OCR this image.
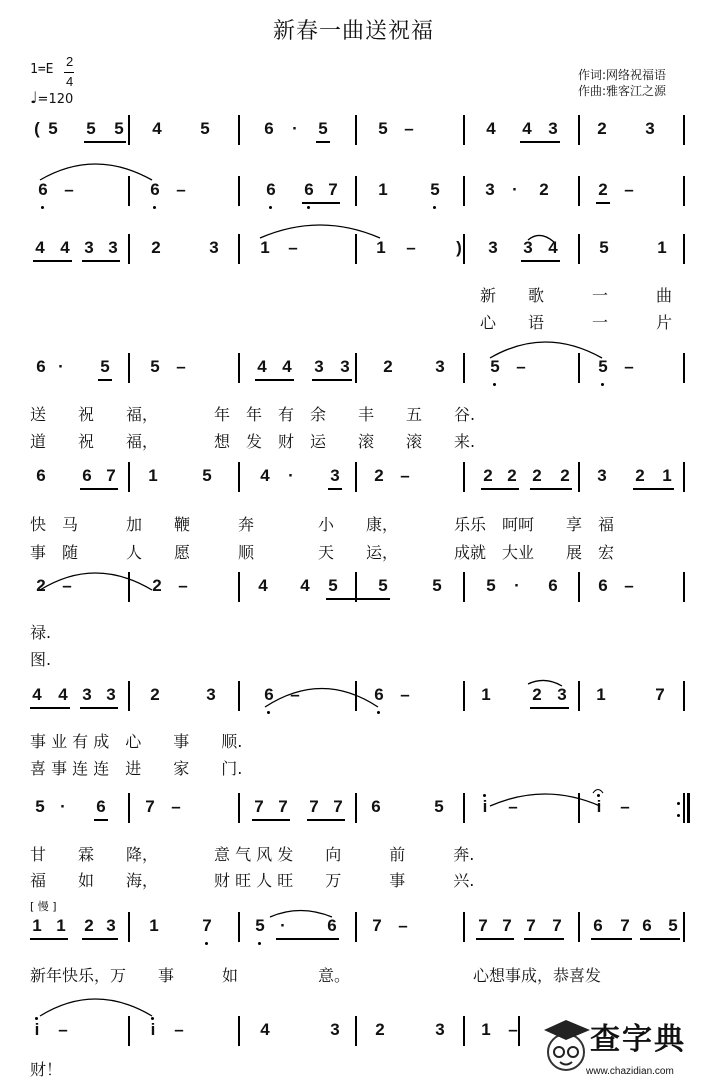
新春一曲送祝福
1=E
2
4
♩=120
作词:网络祝福语
作曲:雅客江之源
( 5 5 5 4 5	6 · 5	5 –	4 4 3 2 3
6 –	6 –	6 6 7 1	5	3 · 2	2 –
4 4 3 3 2	3 1 –	1 – ) 3 3 4 5	1
新　　歌　　　一　　　曲
心　　语　　　一　　　片
6 · 5 5 –	4 4 3 3 2	3	5 –	5 –
送　　祝　　福，　　　　年　年　有　余　　丰　　五　　谷.
道　　祝　　福，　　　　想　发　财　运　　滚　　滚　　来.
6 6 7 1	5	4 · 3 2 –	2 2 2 2 3 2 1
快　马　　　加　　鞭　　　奔　　　　小　　康，　　　　乐乐　呵呵　　享　福
事　随　　　人　　愿　　　顺　　　　天　　运，　　　　成就　大业　　展　宏
2 –	2 –	4 4 5 5	5	5 · 6 6 –
禄.
图.
4 4 3 3 2	3	6 –	6 –	1 2 3 1	7
事 业 有 成　心　　事　　顺.
喜 事 连 连　进　　家　　门.
5 · 6 7 –	7 7 7 7 6	5 i –	i –
甘　　霖　　降，　　　　意 气 风 发　　向　　　前　　　奔.
福　　如　　海，　　　　财 旺 人 旺　　万　　　事　　　兴.
1 1 2 3 1	7	5 · 6 7 –	7 7 7 7 6 7 6 5
新年快乐，万　　事　　　如　　　　　意。	心想事成，恭喜发
[ 慢 ]
i –	i –	4	3 2	3 1 –
财！
查字典
www.chazidian.com
